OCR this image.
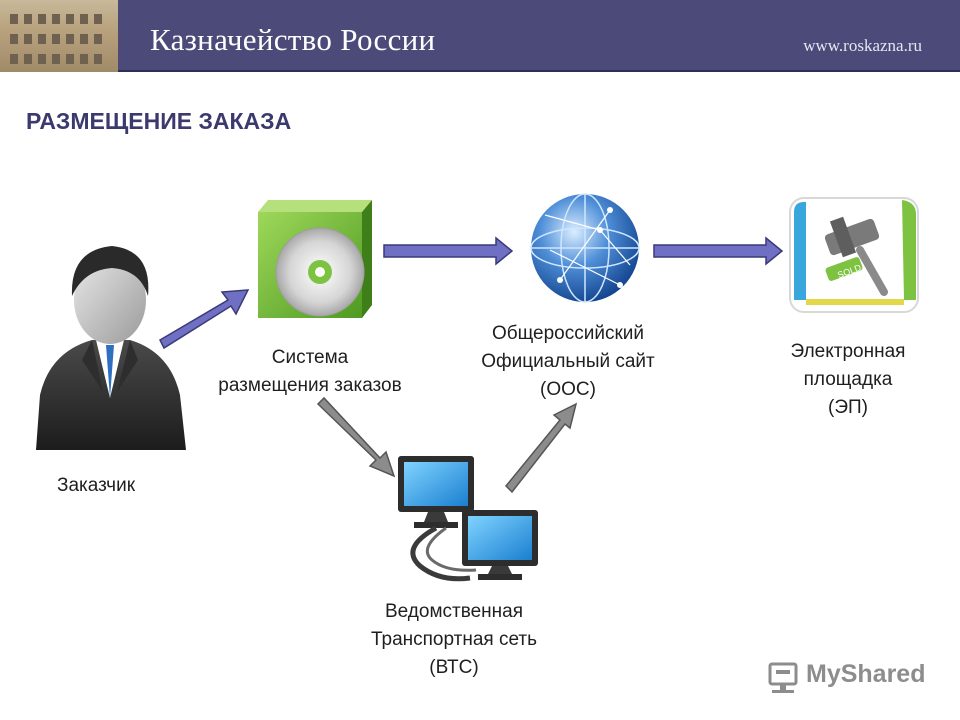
Казначейство России	www.roskazna.ru
РАЗМЕЩЕНИЕ ЗАКАЗА
SOLD
Заказчик
Система
размещения заказов
Общероссийский
Официальный сайт
(ООС)
Электронная
площадка
(ЭП)
Ведомственная
Транспортная сеть
(ВТС)	MyShared
